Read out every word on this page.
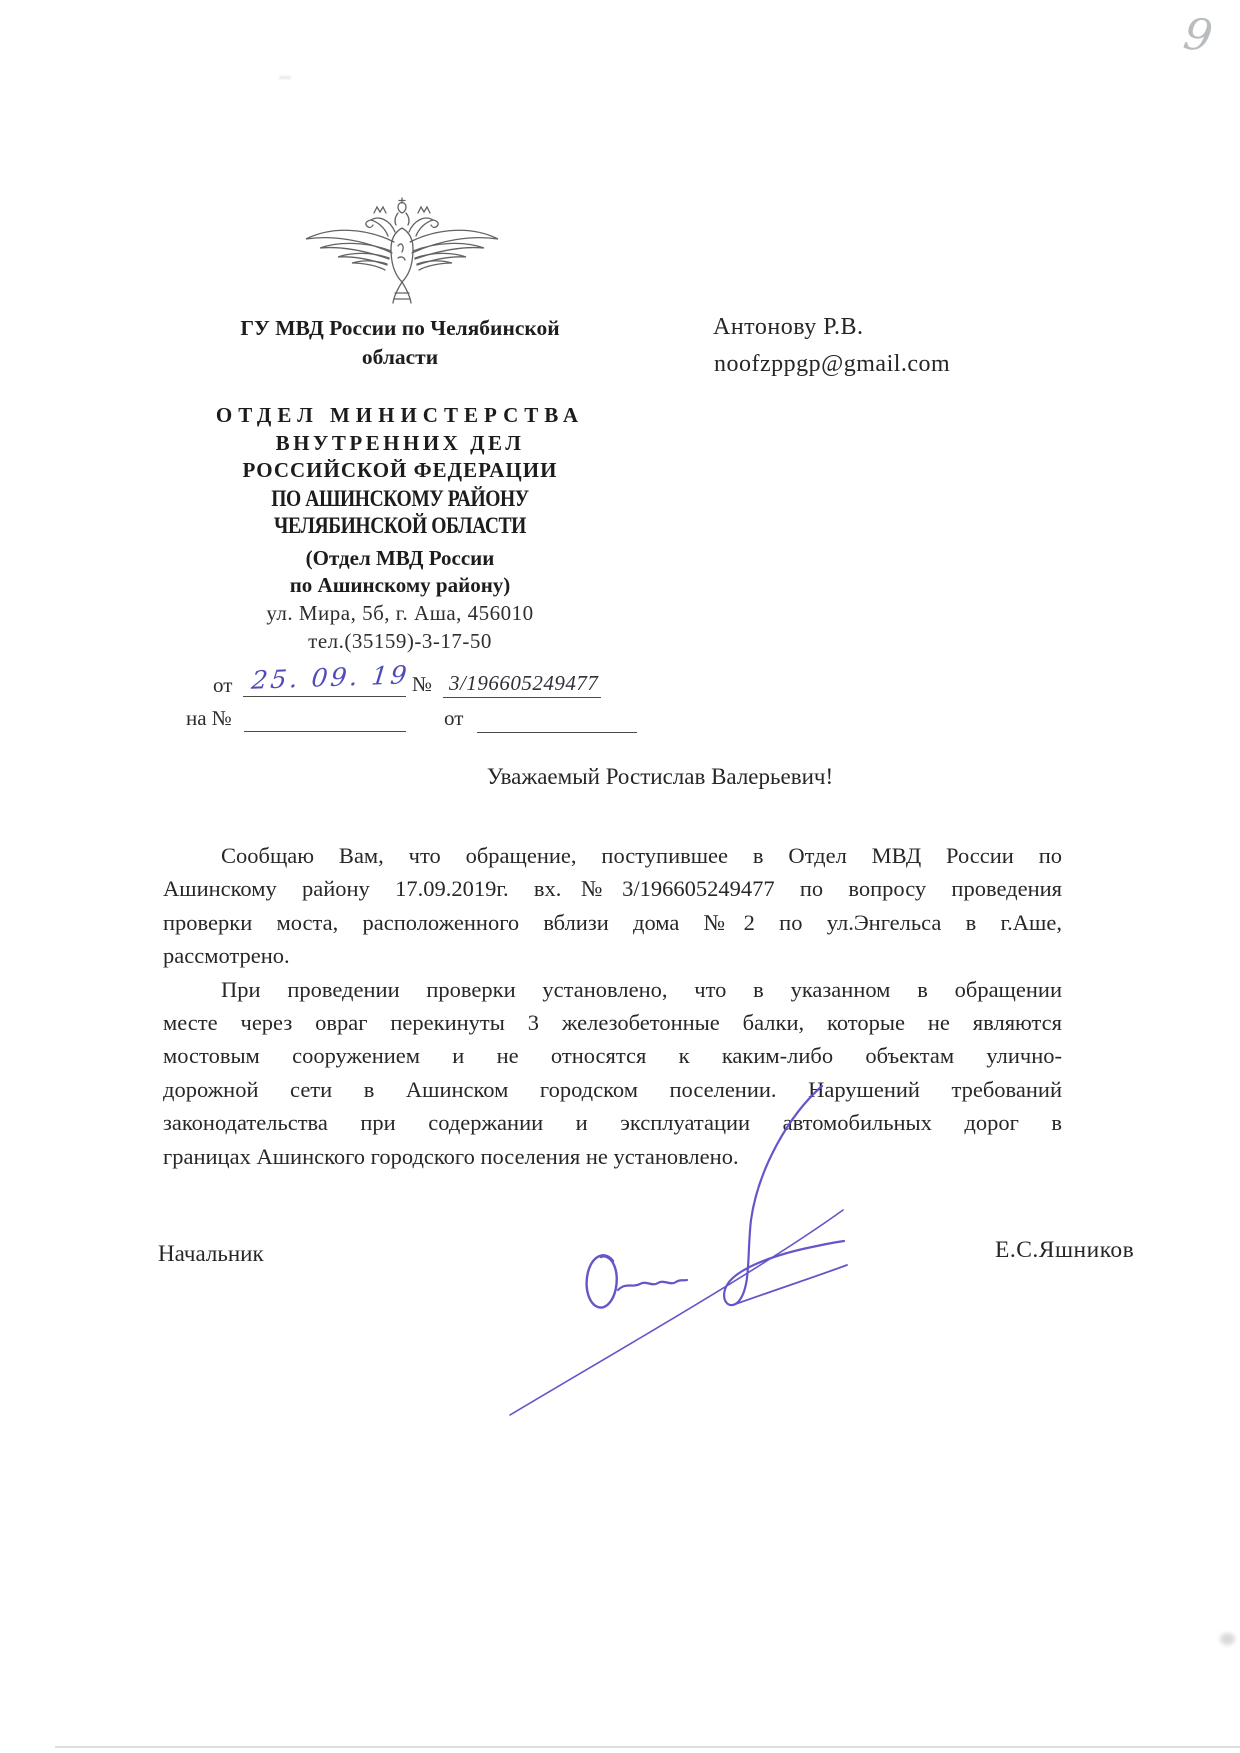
9
ГУ МВД России по Челябинской
области
ОТДЕЛ МИНИСТЕРСТВА
ВНУТРЕННИХ ДЕЛ
РОССИЙСКОЙ ФЕДЕРАЦИИ
ПО АШИНСКОМУ РАЙОНУ
ЧЕЛЯБИНСКОЙ ОБЛАСТИ
(Отдел МВД России
по Ашинскому району)
ул. Мира, 5б, г. Аша, 456010
тел.(35159)-3-17-50
от 25. 09. 19 № 3/196605249477
на №	от
Антонову Р.В.
noofzppgp@gmail.com
Уважаемый Ростислав Валерьевич!
Сообщаю Вам, что обращение, поступившее в Отдел МВД России по
Ашинскому району 17.09.2019г. вх.№3/196605249477 по вопросу проведения
проверки моста, расположенного вблизи дома №2 по ул.Энгельса в г.Аше,
рассмотрено.
При проведении проверки установлено, что в указанном в обращении
месте через овраг перекинуты 3 железобетонные балки, которые не являются
мостовым сооружением и не относятся к каким-либо объектам улично-
дорожной сети в Ашинском городском поселении. Нарушений требований
законодательства при содержании и эксплуатации автомобильных дорог в
границах Ашинского городского поселения не установлено.
Начальник	Е.С.Яшников
